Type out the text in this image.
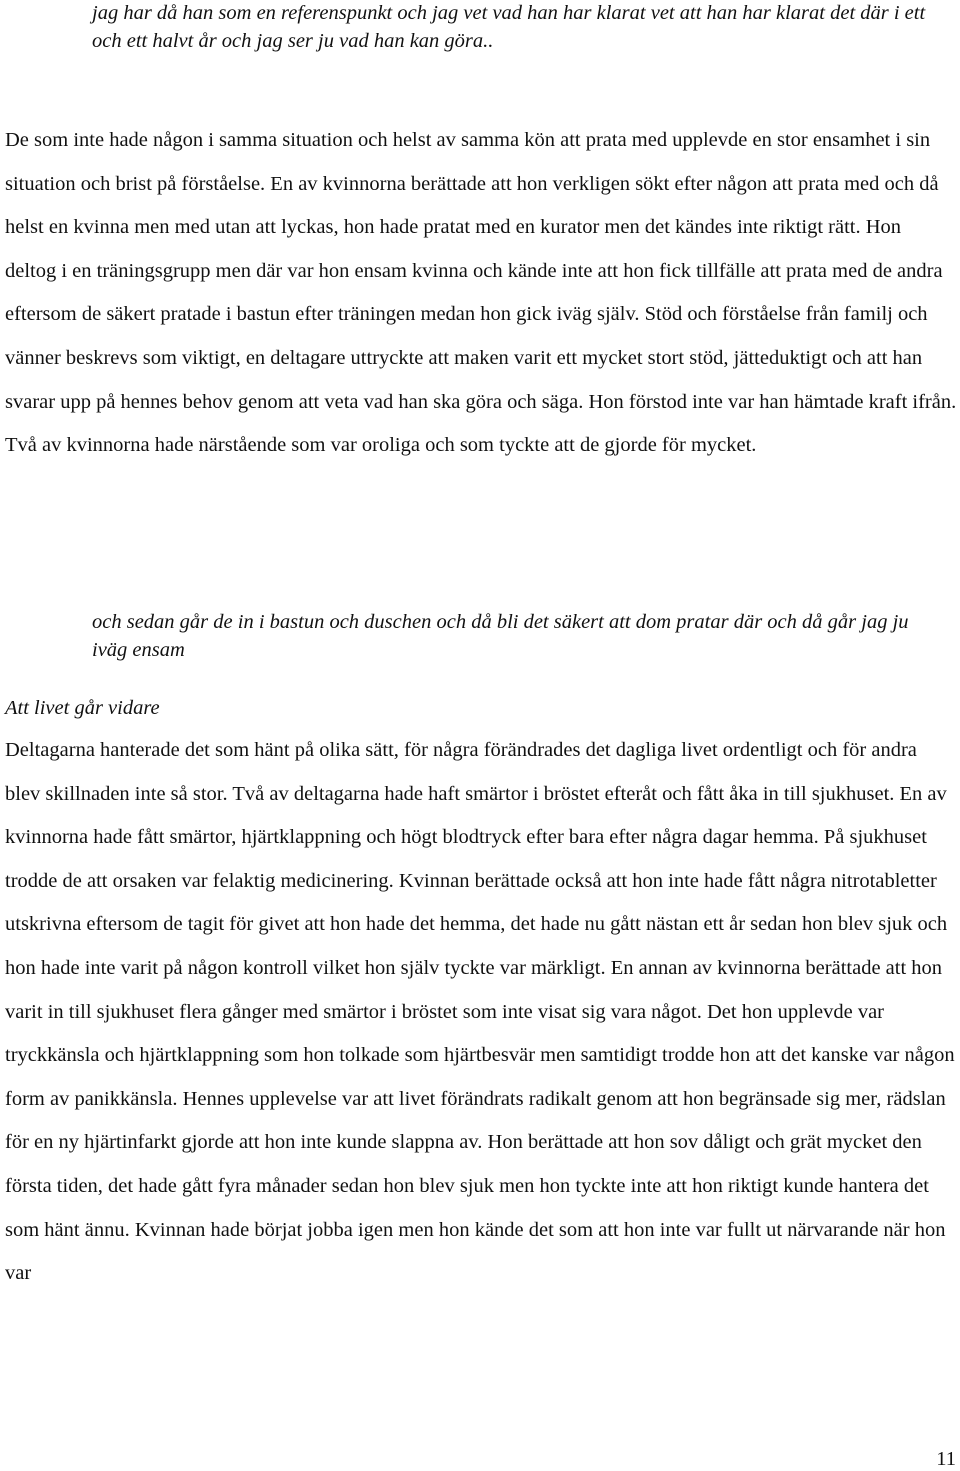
jag har då han som en referenspunkt och jag vet vad han har klarat vet att han har klarat det där i ett och ett halvt år och jag ser ju vad han kan göra..

De som inte hade någon i samma situation och helst av samma kön att prata med upplevde en stor ensamhet i sin situation och brist på förståelse. En av kvinnorna berättade att hon verkligen sökt efter någon att prata med och då helst en kvinna men med utan att lyckas, hon hade pratat med en kurator men det kändes inte riktigt rätt. Hon deltog i en träningsgrupp men där var hon ensam kvinna och kände inte att hon fick tillfälle att prata med de andra eftersom de säkert pratade i bastun efter träningen medan hon gick iväg själv. Stöd och förståelse från familj och vänner beskrevs som viktigt, en deltagare uttryckte att maken varit ett mycket stort stöd, jätteduktigt och att han svarar upp på hennes behov genom att veta vad han ska göra och säga. Hon förstod inte var han hämtade kraft ifrån. Två av kvinnorna hade närstående som var oroliga och som tyckte att de gjorde för mycket.

och sedan går de in i bastun och duschen och då bli det säkert att dom pratar där och då går jag ju iväg ensam

Att livet går vidare

Deltagarna hanterade det som hänt på olika sätt, för några förändrades det dagliga livet ordentligt och för andra blev skillnaden inte så stor. Två av deltagarna hade haft smärtor i bröstet efteråt och fått åka in till sjukhuset. En av kvinnorna hade fått smärtor, hjärtklappning och högt blodtryck efter bara efter några dagar hemma. På sjukhuset trodde de att orsaken var felaktig medicinering. Kvinnan berättade också att hon inte hade fått några nitrotabletter utskrivna eftersom de tagit för givet att hon hade det hemma, det hade nu gått nästan ett år sedan hon blev sjuk och hon hade inte varit på någon kontroll vilket hon själv tyckte var märkligt. En annan av kvinnorna berättade att hon varit in till sjukhuset flera gånger med smärtor i bröstet som inte visat sig vara något. Det hon upplevde var tryckkänsla och hjärtklappning som hon tolkade som hjärtbesvär men samtidigt trodde hon att det kanske var någon form av panikkänsla. Hennes upplevelse var att livet förändrats radikalt genom att hon begränsade sig mer, rädslan för en ny hjärtinfarkt gjorde att hon inte kunde slappna av. Hon berättade att hon sov dåligt och grät mycket den första tiden, det hade gått fyra månader sedan hon blev sjuk men hon tyckte inte att hon riktigt kunde hantera det som hänt ännu. Kvinnan hade börjat jobba igen men hon kände det som att hon inte var fullt ut närvarande när hon var

11
